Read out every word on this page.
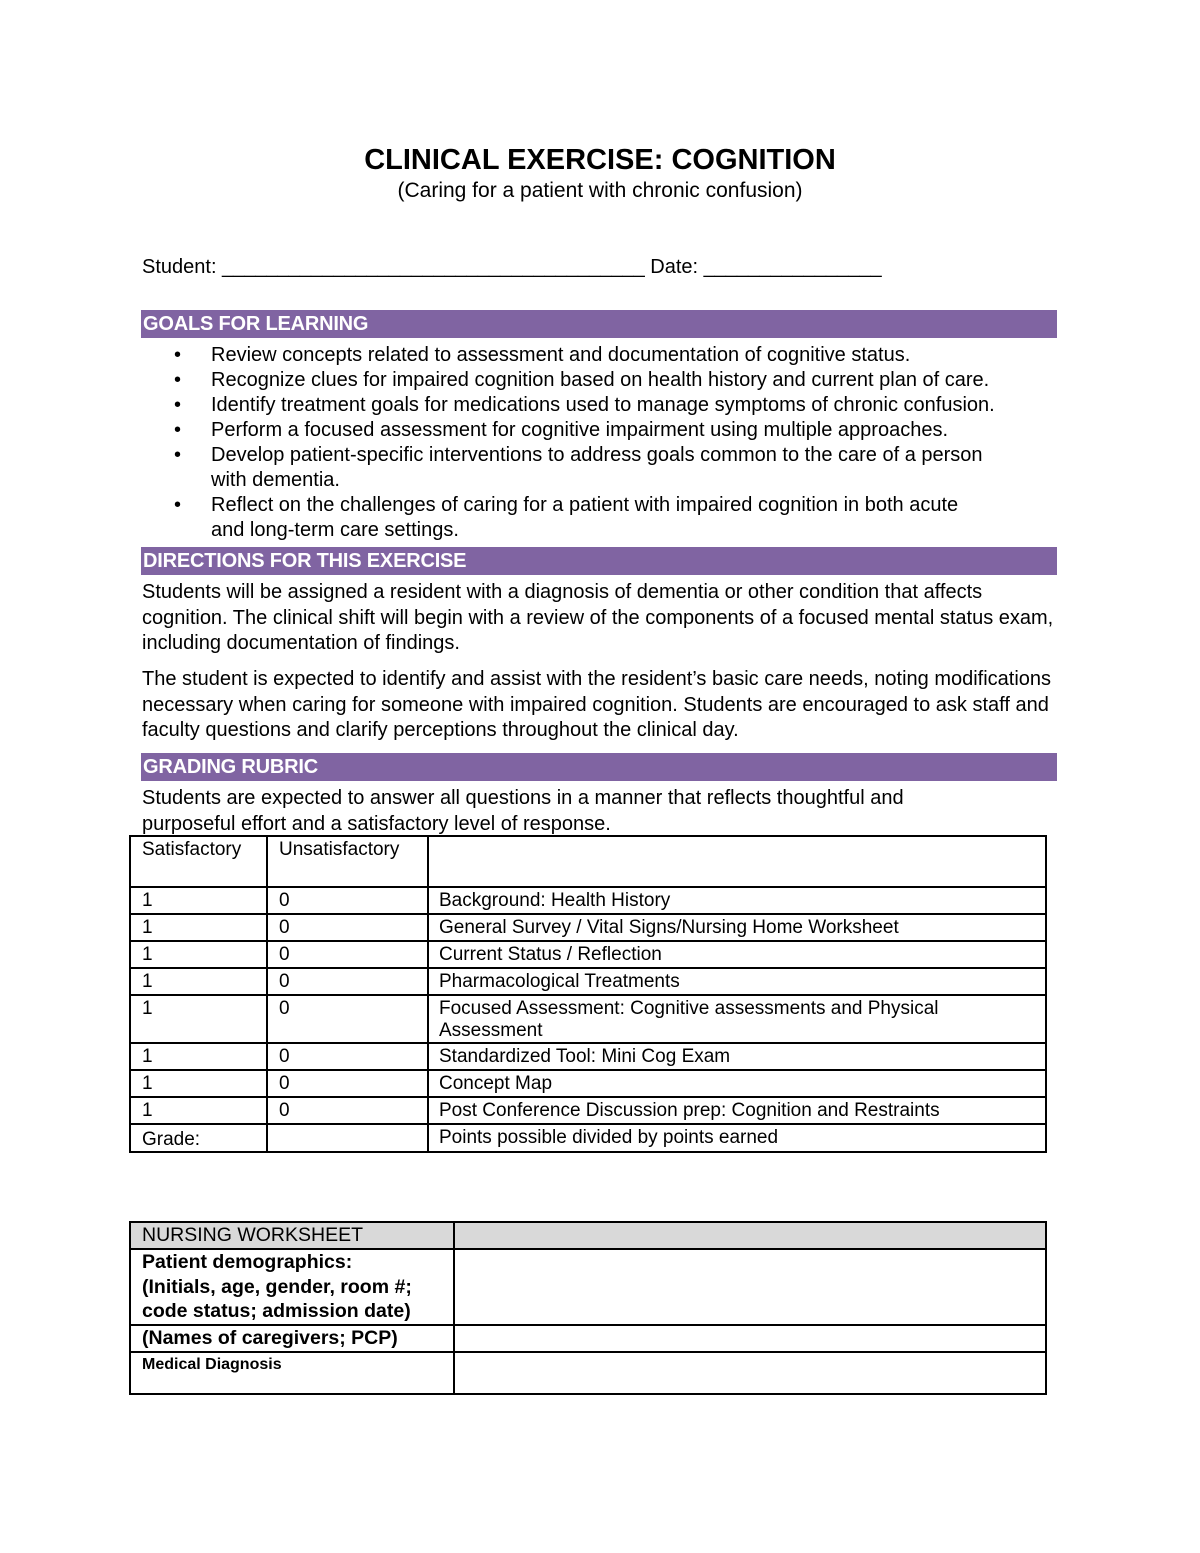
CLINICAL EXERCISE: COGNITION
(Caring for a patient with chronic confusion)
Student: ______________________________________ Date: ________________
GOALS FOR LEARNING
• Review concepts related to assessment and documentation of cognitive status.
• Recognize clues for impaired cognition based on health history and current plan of care.
• Identify treatment goals for medications used to manage symptoms of chronic confusion.
• Perform a focused assessment for cognitive impairment using multiple approaches.
• Develop patient-specific interventions to address goals common to the care of a person with dementia.
• Reflect on the challenges of caring for a patient with impaired cognition in both acute and long-term care settings.
DIRECTIONS FOR THIS EXERCISE

Students will be assigned a resident with a diagnosis of dementia or other condition that affects cognition. The clinical shift will begin with a review of the components of a focused mental status exam, including documentation of findings.

The student is expected to identify and assist with the resident’s basic care needs, noting modifications necessary when caring for someone with impaired cognition. Students are encouraged to ask staff and faculty questions and clarify perceptions throughout the clinical day.

GRADING RUBRIC

Students are expected to answer all questions in a manner that reflects thoughtful and purposeful effort and a satisfactory level of response.

Satisfactory	Unsatisfactory	
1	0	Background: Health History
1	0	General Survey / Vital Signs/Nursing Home Worksheet
1	0	Current Status / Reflection
1	0	Pharmacological Treatments
1	0	Focused Assessment: Cognitive assessments and Physical Assessment
1	0	Standardized Tool: Mini Cog Exam
1	0	Concept Map
1	0	Post Conference Discussion prep: Cognition and Restraints
Grade:		Points possible divided by points earned
NURSING WORKSHEET	

Patient demographics:
(Initials, age, gender, room #; code status; admission date)	

(Names of caregivers; PCP)	
Medical Diagnosis	
